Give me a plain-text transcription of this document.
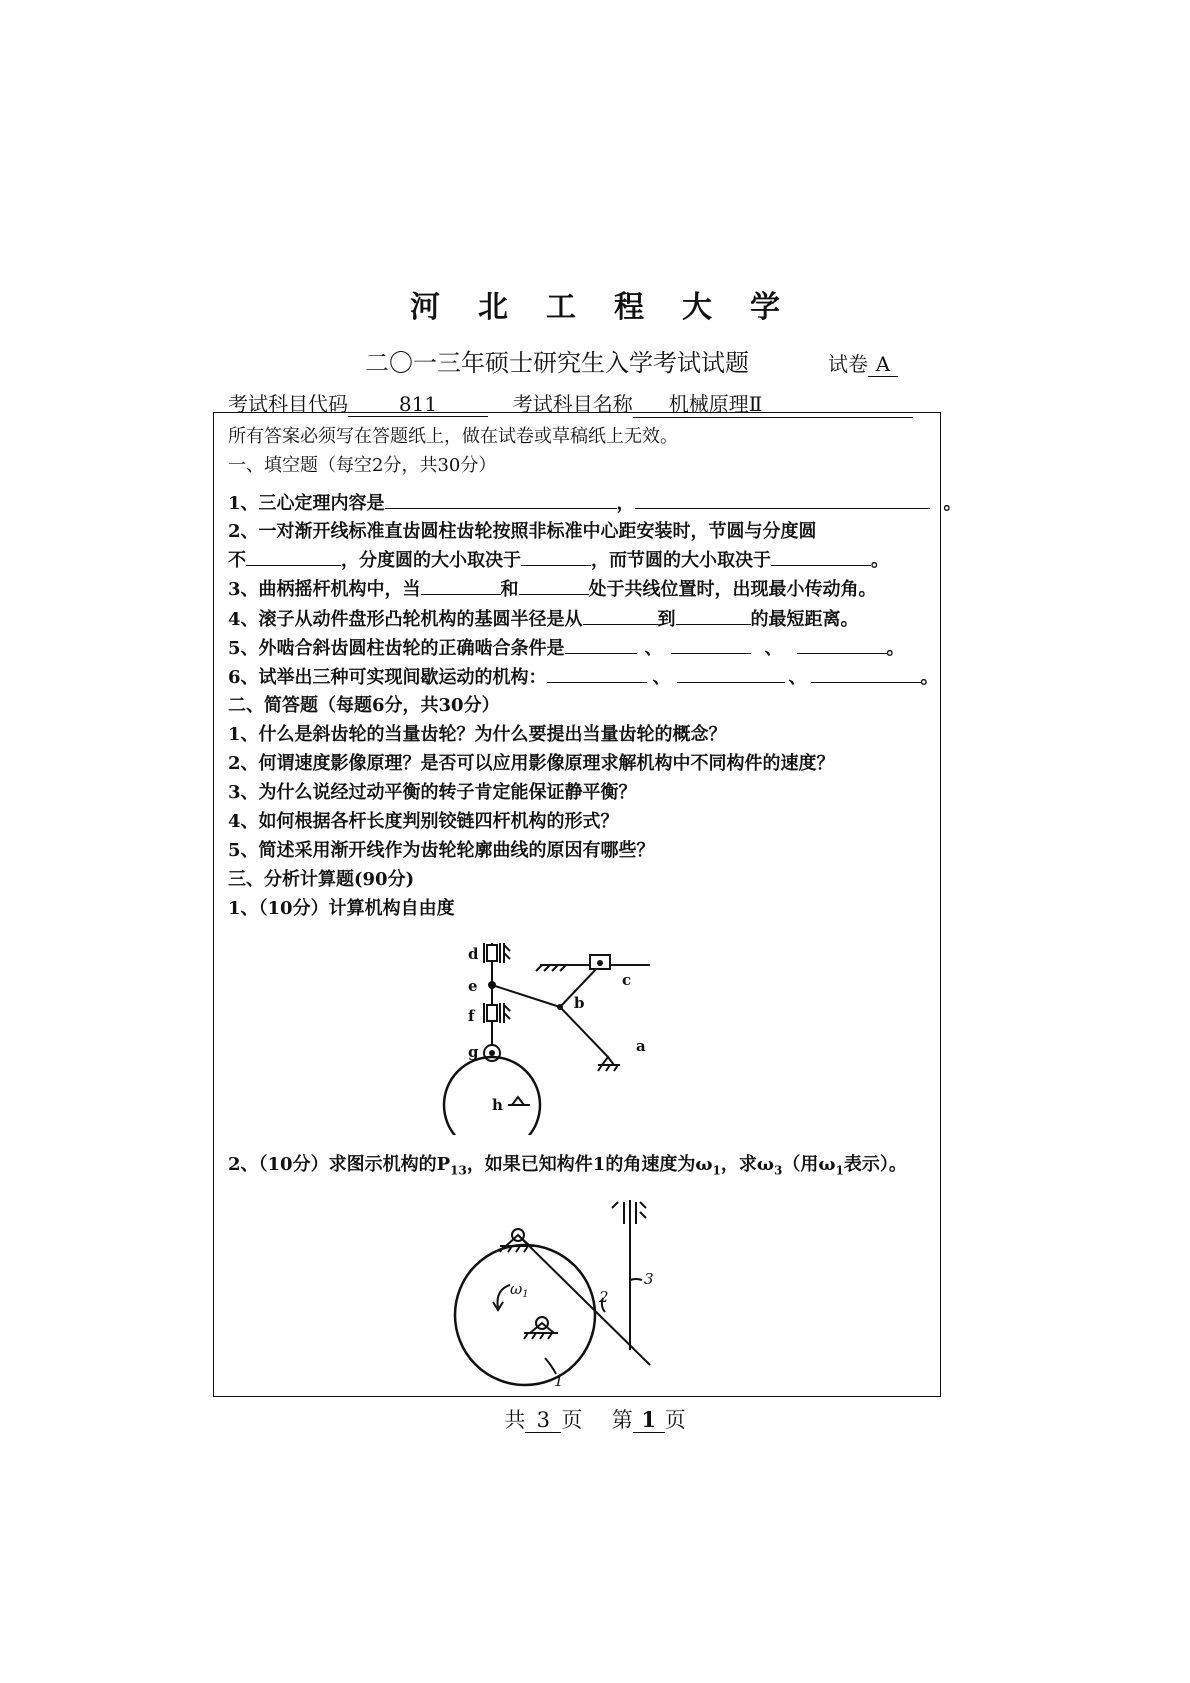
河北工程大学
二〇一三年硕士研究生入学考试试题	试卷 A
考试科目代码	811	考试科目名称 机械原理Ⅱ
所有答案必须写在答题纸上，做在试卷或草稿纸上无效。
一、填空题（每空2分，共30分）
1、三心定理内容是	，	。
2、一对渐开线标准直齿圆柱齿轮按照非标准中心距安装时，节圆与分度圆
不	，分度圆的大小取决于	，而节圆的大小取决于	。
3、曲柄摇杆机构中，当	和	处于共线位置时，出现最小传动角。
4、滚子从动件盘形凸轮机构的基圆半径是从	到	的最短距离。
5、外啮合斜齿圆柱齿轮的正确啮合条件是	、	、	。
6、试举出三种可实现间歇运动的机构：	、	、	。
二、简答题（每题6分，共30分）
1、什么是斜齿轮的当量齿轮？为什么要提出当量齿轮的概念？
2、何谓速度影像原理？是否可以应用影像原理求解机构中不同构件的速度？
3、为什么说经过动平衡的转子肯定能保证静平衡？
4、如何根据各杆长度判别铰链四杆机构的形式？
5、简述采用渐开线作为齿轮轮廓曲线的原因有哪些？
三、分析计算题(90分)
1、（10分）计算机构自由度
d
e
f
g
h
b
c
a
2、（10分）求图示机构的$P_{13}$，如果已知构件1的角速度为$\omega_1$，求$\omega_3$（用$\omega_1$表示）。
$\omega_1$
1
2
3
共 3 页 第 1 页
